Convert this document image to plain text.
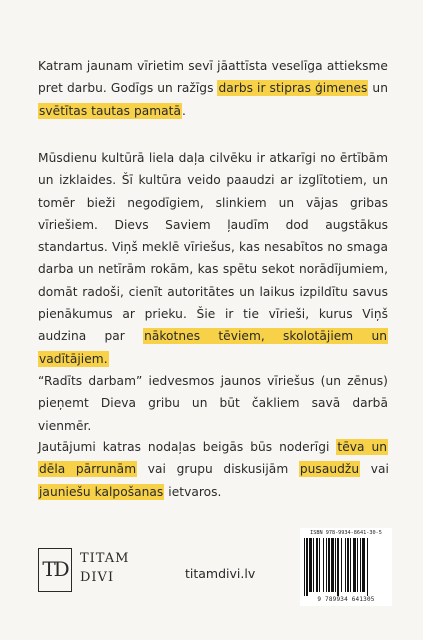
Katram jaunam vīrietim sevī jāattīsta veselīga attieksme pret darbu. Godīgs un ražīgs darbs ir stipras ģimenes un svētītas tautas pamatā.

Mūsdienu kultūrā liela daļa cilvēku ir atkarīgi no ērtībām un izklaides. Šī kultūra veido paaudzi ar izglītotiem, un tomēr bieži negodīgiem, slinkiem un vājas gribas vīriešiem. Dievs Saviem ļaudīm dod augstākus standartus. Viņš meklē vīriešus, kas nesabītos no smaga darba un netīrām rokām, kas spētu sekot norādījumiem, domāt radoši, cienīt autoritātes un laikus izpildītu savus pienākumus ar prieku. Šie ir tie vīrieši, kurus Viņš audzina par nākotnes tēviem, skolotājiem un vadītājiem.
“Radīts darbam” iedvesmos jaunos vīriešus (un zēnus) pieņemt Dieva gribu un būt čakliem savā darbā vienmēr.

Jautājumi katras nodaļas beigās būs noderīgi tēva un dēla pārrunām vai grupu diskusijām pusaudžu vai jauniešu kalpošanas ietvaros.

TD TITAM
DIVI	titamdivi.lv
ISBN 978-9934-8641-30-5
9 789934 641305
